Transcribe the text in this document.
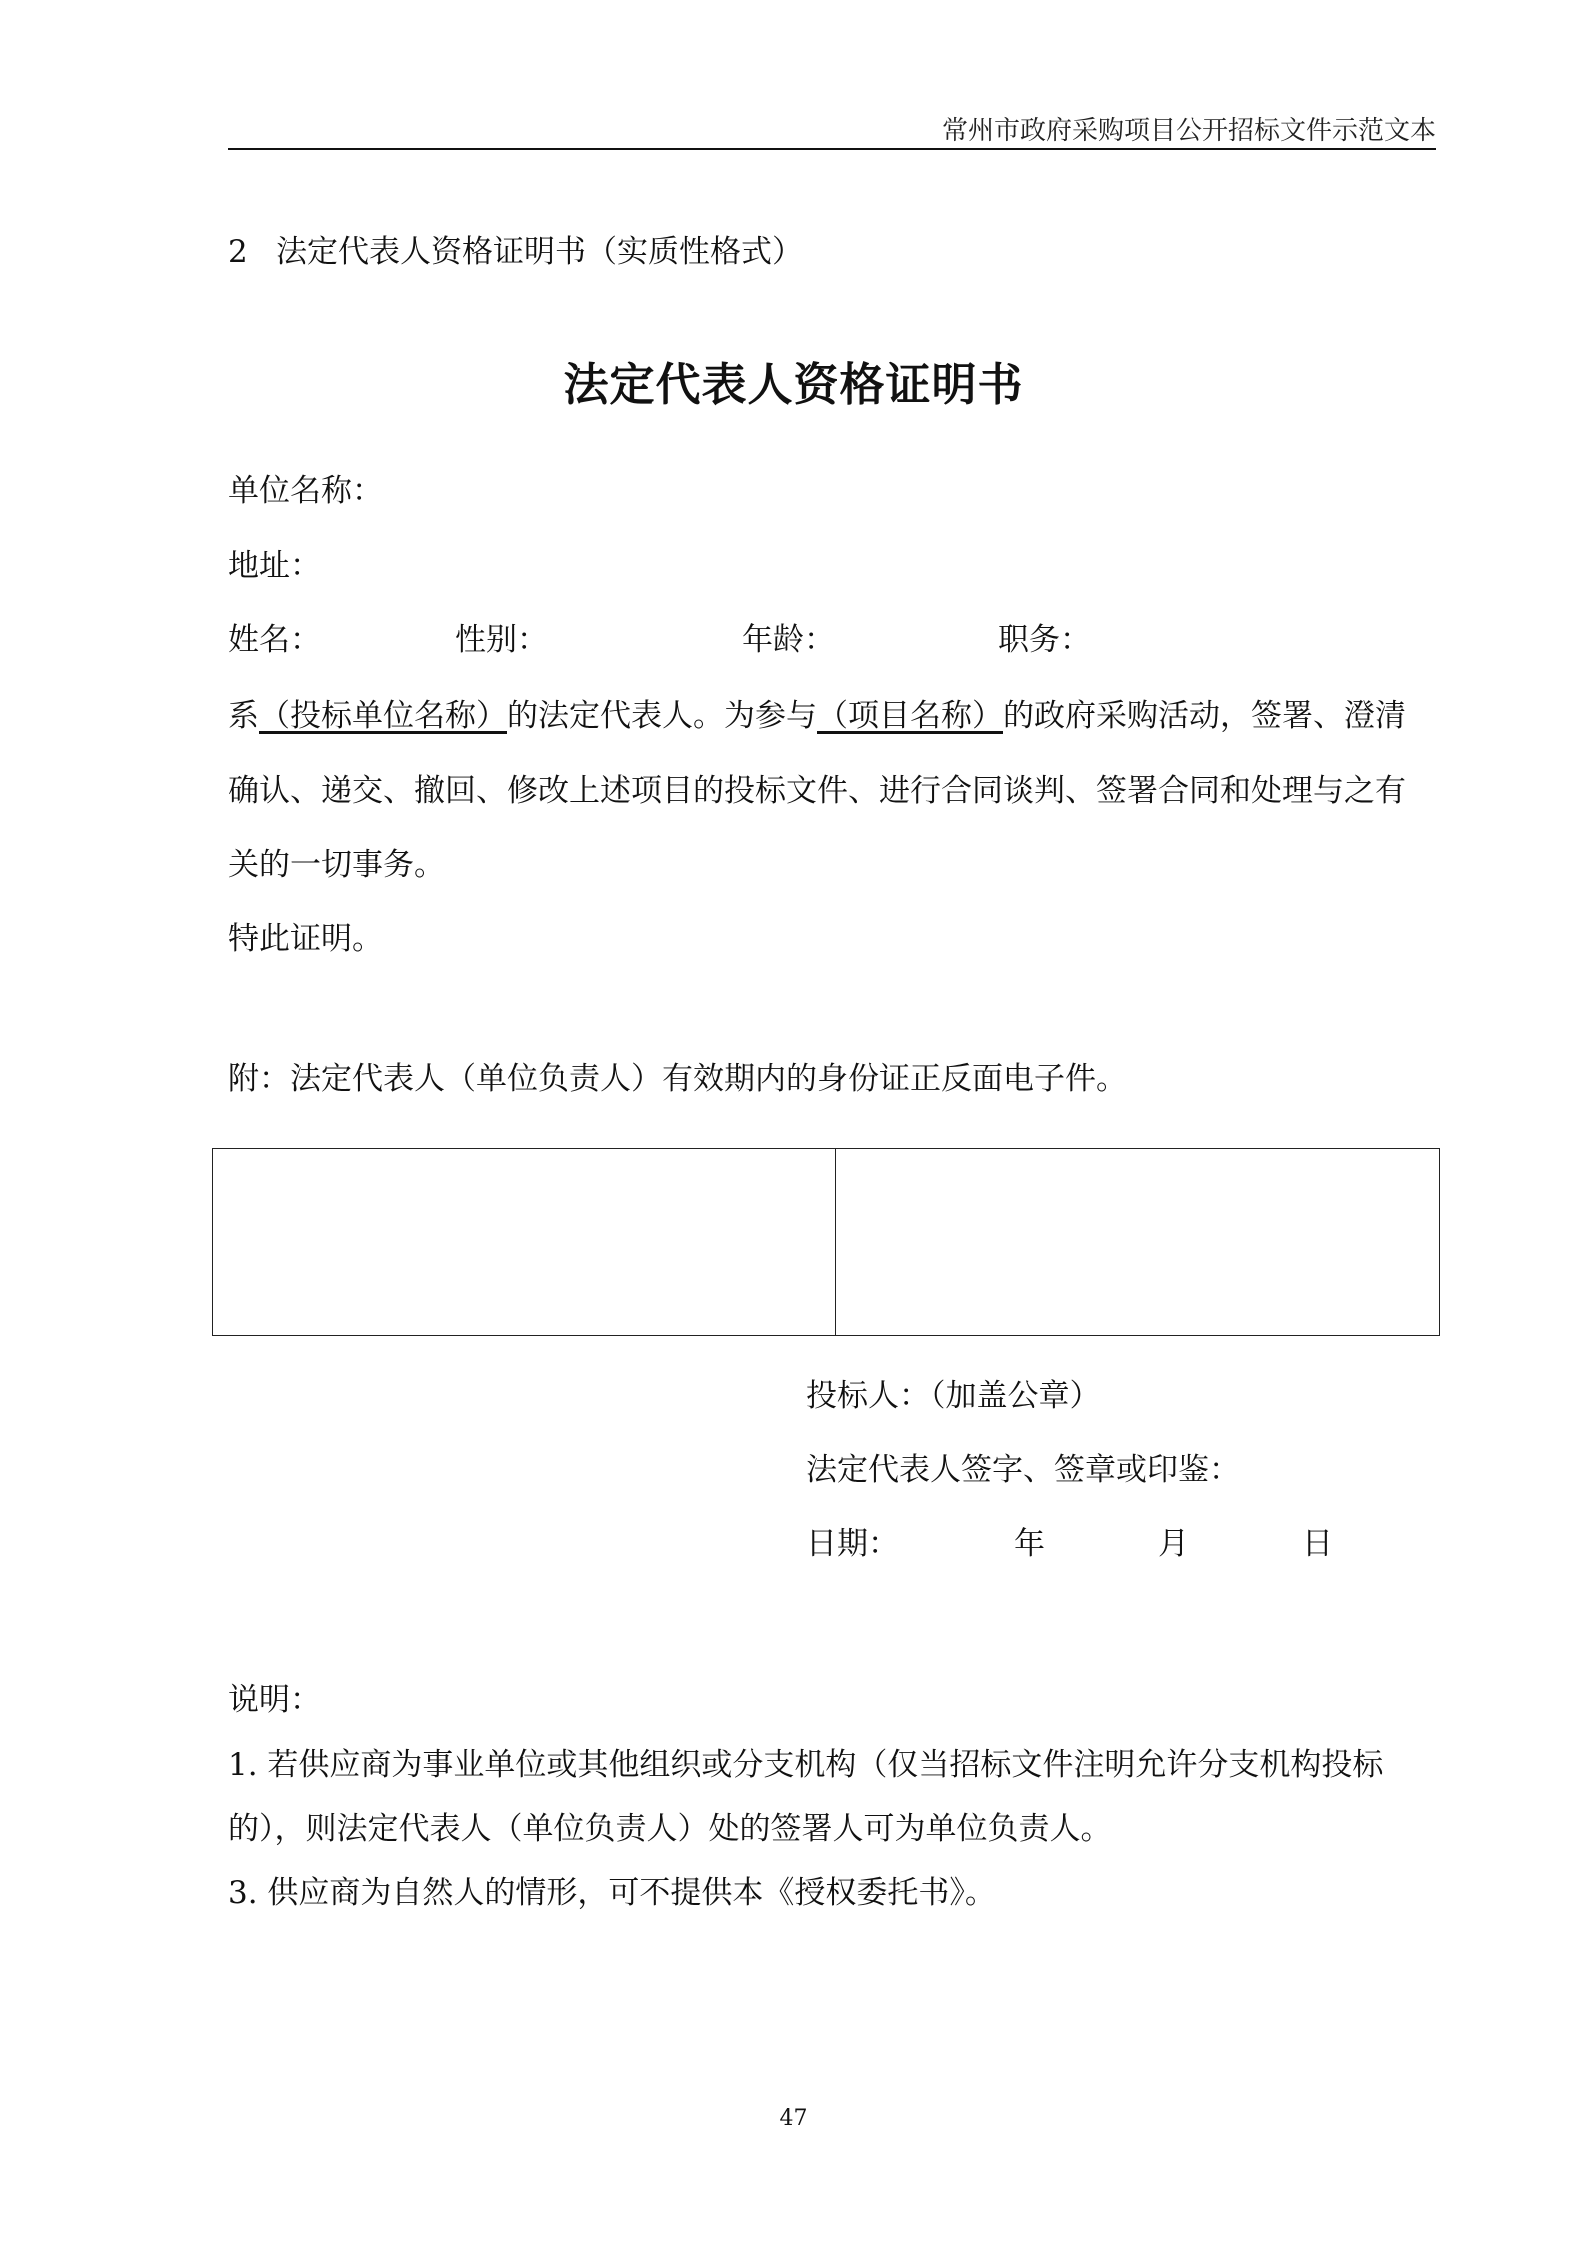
常州市政府采购项目公开招标文件示范文本
2 法定代表人资格证明书（实质性格式）
法定代表人资格证明书
单位名称：
地址：
姓名：	性别：	年龄：	职务：
系（投标单位名称）的法定代表人。为参与（项目名称）的政府采购活动，签署、澄清
确认、递交、撤回、修改上述项目的投标文件、进行合同谈判、签署合同和处理与之有
关的一切事务。
特此证明。
附：法定代表人（单位负责人）有效期内的身份证正反面电子件。
投标人：（加盖公章）
法定代表人签字、签章或印鉴：
日期：	年	月	日
说明：
1. 若供应商为事业单位或其他组织或分支机构（仅当招标文件注明允许分支机构投标
的），则法定代表人（单位负责人）处的签署人可为单位负责人。
3. 供应商为自然人的情形，可不提供本《授权委托书》。
47
